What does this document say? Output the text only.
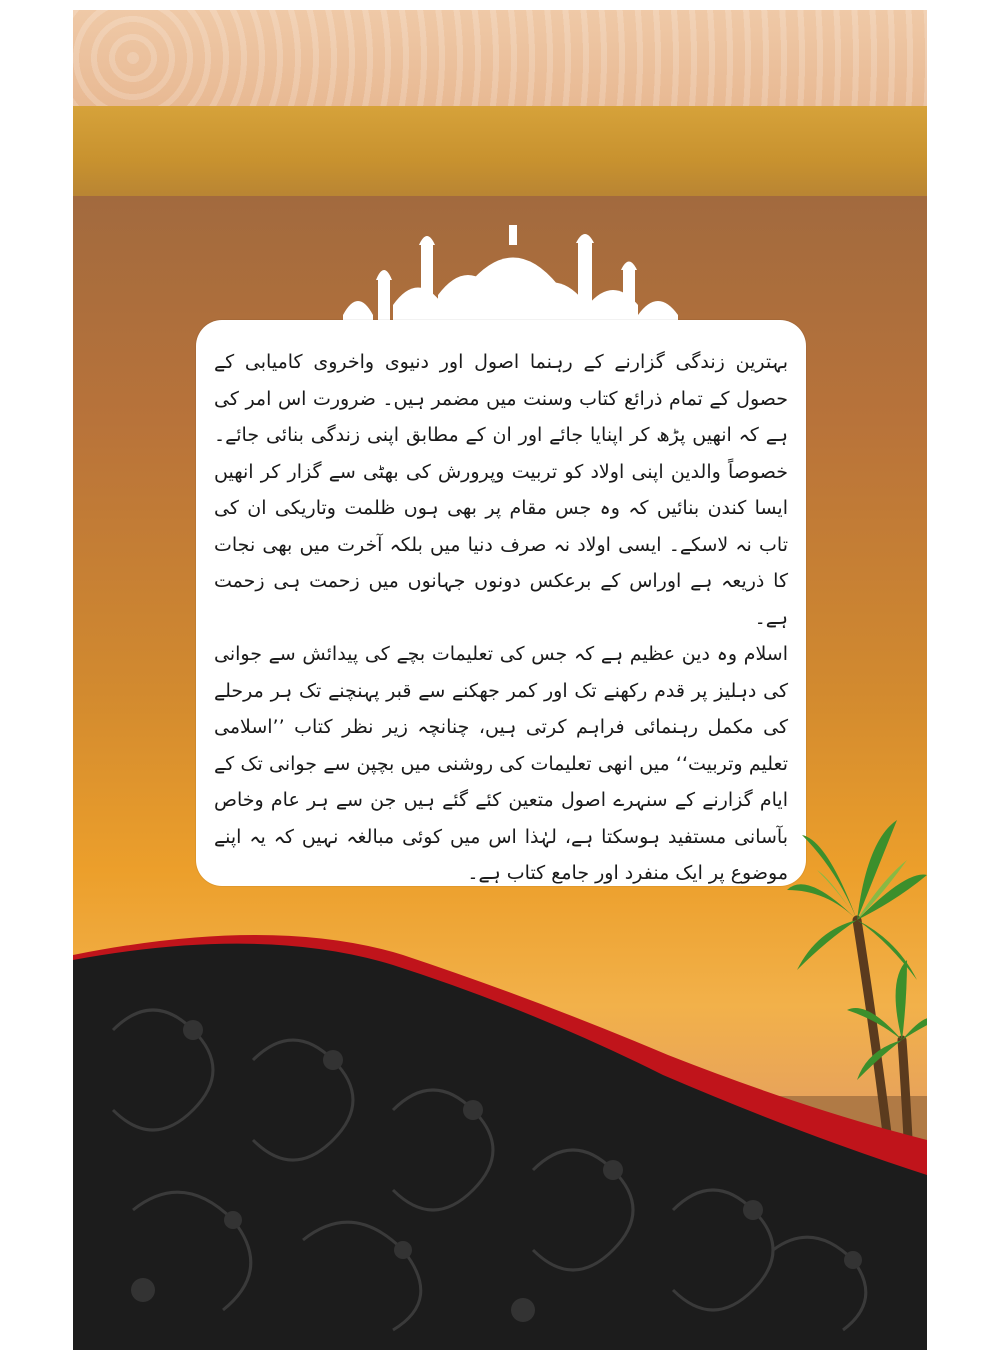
بہترین زندگی گزارنے کے رہنما اصول اور دنیوی واخروی کامیابی کے حصول کے تمام ذرائع کتاب وسنت میں مضمر ہیں۔ ضرورت اس امر کی ہے کہ انھیں پڑھ کر اپنایا جائے اور ان کے مطابق اپنی زندگی بنائی جائے۔ خصوصاً والدین اپنی اولاد کو تربیت وپرورش کی بھٹی سے گزار کر انھیں ایسا کندن بنائیں کہ وہ جس مقام پر بھی ہوں ظلمت وتاریکی ان کی تاب نہ لاسکے۔ ایسی اولاد نہ صرف دنیا میں بلکہ آخرت میں بھی نجات کا ذریعہ ہے اوراس کے برعکس دونوں جہانوں میں زحمت ہی زحمت ہے۔

اسلام وہ دین عظیم ہے کہ جس کی تعلیمات بچے کی پیدائش سے جوانی کی دہلیز پر قدم رکھنے تک اور کمر جھکنے سے قبر پہنچنے تک ہر مرحلے کی مکمل رہنمائی فراہم کرتی ہیں، چنانچہ زیر نظر کتاب ’’اسلامی تعلیم وتربیت‘‘ میں انھی تعلیمات کی روشنی میں بچپن سے جوانی تک کے ایام گزارنے کے سنہرے اصول متعین کئے گئے ہیں جن سے ہر عام وخاص بآسانی مستفید ہوسکتا ہے، لہٰذا اس میں کوئی مبالغہ نہیں کہ یہ اپنے موضوع پر ایک منفرد اور جامع کتاب ہے۔
